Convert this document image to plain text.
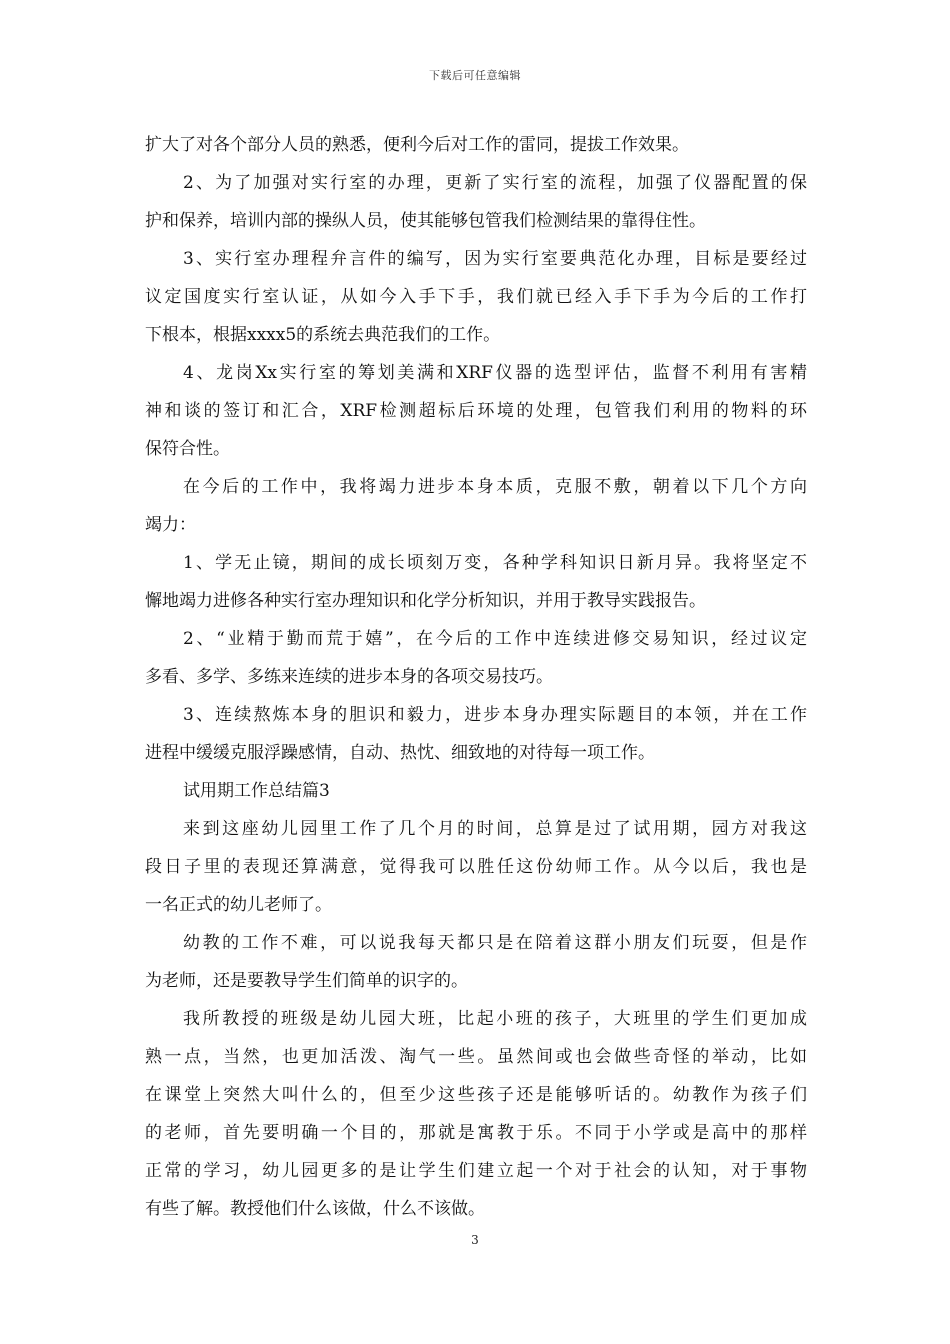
下载后可任意编辑
扩大了对各个部分人员的熟悉，便利今后对工作的雷同，提拔工作效果。
2、为了加强对实行室的办理，更新了实行室的流程，加强了仪器配置的保
护和保养，培训内部的操纵人员，使其能够包管我们检测结果的靠得住性。
3、实行室办理程弁言件的编写，因为实行室要典范化办理，目标是要经过
议定国度实行室认证，从如今入手下手，我们就已经入手下手为今后的工作打
下根本，根据xxxx5的系统去典范我们的工作。
4、龙岗Xx实行室的筹划美满和XRF仪器的选型评估，监督不利用有害精
神和谈的签订和汇合，XRF检测超标后环境的处理，包管我们利用的物料的环
保符合性。
在今后的工作中，我将竭力进步本身本质，克服不敷，朝着以下几个方向
竭力：
1、学无止镜，期间的成长顷刻万变，各种学科知识日新月异。我将坚定不
懈地竭力进修各种实行室办理知识和化学分析知识，并用于教导实践报告。
2、“业精于勤而荒于嬉”，在今后的工作中连续进修交易知识，经过议定
多看、多学、多练来连续的进步本身的各项交易技巧。
3、连续熬炼本身的胆识和毅力，进步本身办理实际题目的本领，并在工作
进程中缓缓克服浮躁感情，自动、热忱、细致地的对待每一项工作。
试用期工作总结篇3
来到这座幼儿园里工作了几个月的时间，总算是过了试用期，园方对我这
段日子里的表现还算满意，觉得我可以胜任这份幼师工作。从今以后，我也是
一名正式的幼儿老师了。
幼教的工作不难，可以说我每天都只是在陪着这群小朋友们玩耍，但是作
为老师，还是要教导学生们简单的识字的。
我所教授的班级是幼儿园大班，比起小班的孩子，大班里的学生们更加成
熟一点，当然，也更加活泼、淘气一些。虽然间或也会做些奇怪的举动，比如
在课堂上突然大叫什么的，但至少这些孩子还是能够听话的。幼教作为孩子们
的老师，首先要明确一个目的，那就是寓教于乐。不同于小学或是高中的那样
正常的学习，幼儿园更多的是让学生们建立起一个对于社会的认知，对于事物
有些了解。教授他们什么该做，什么不该做。
3
